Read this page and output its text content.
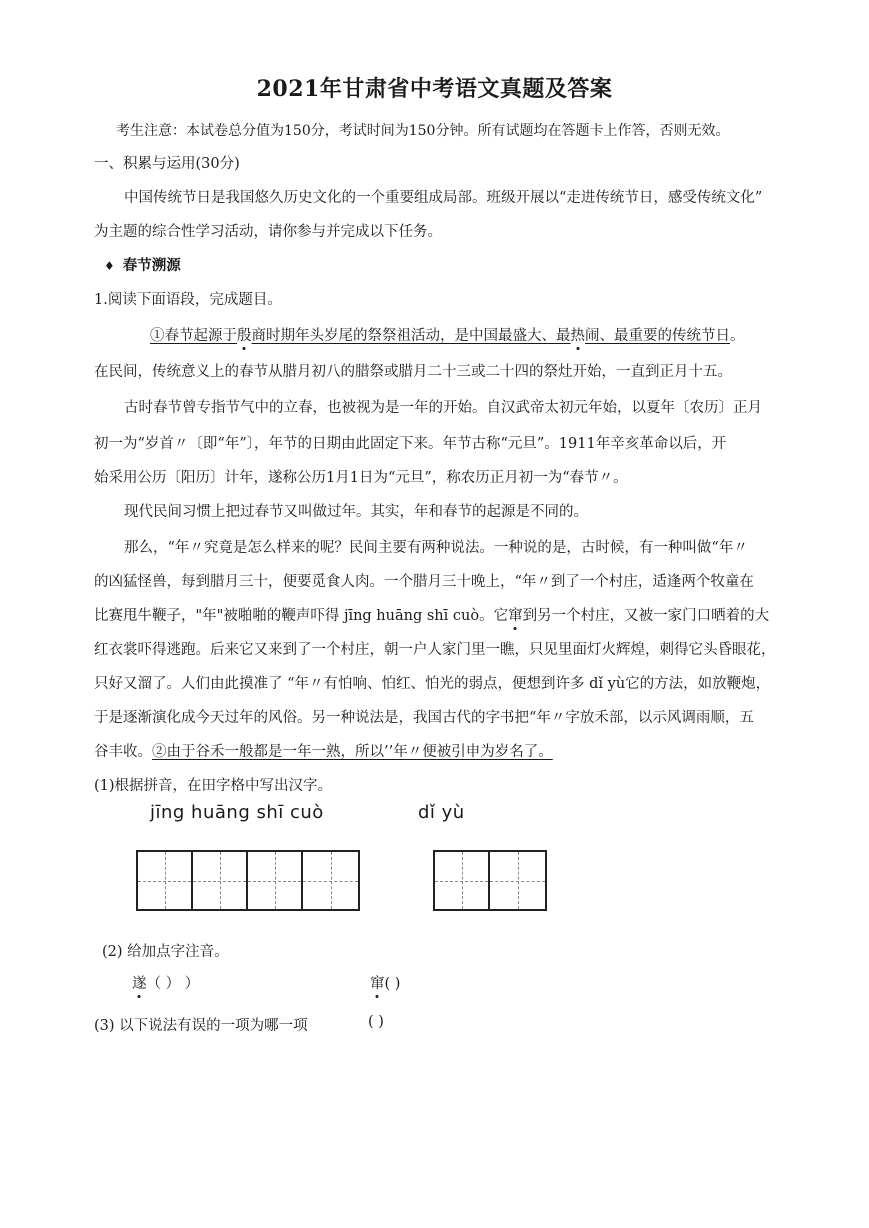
2021年甘肃省中考语文真题及答案
考生注意：本试卷总分值为150分，考试时间为150分钟。所有试题均在答题卡上作答，否则无效。
一、积累与运用(30分)
中国传统节日是我国悠久历史文化的一个重要组成局部。班级开展以“走进传统节日，感受传统文化”
为主题的综合性学习活动，请你参与并完成以下任务。
♦ 春节溯源
1.阅读下面语段，完成题目。
①春节起源于殷商时期年头岁尾的祭祭祖活动，是中国最盛大、最热闹、最重要的传统节日。
在民间，传统意义上的春节从腊月初八的腊祭或腊月二十三或二十四的祭灶开始，一直到正月十五。
古时春节曾专指节气中的立春，也被视为是一年的开始。自汉武帝太初元年始，以夏年〔农历〕正月
初一为“岁首〃〔即“年”〕，年节的日期由此固定下来。年节古称“元旦”。1911年辛亥革命以后，开
始采用公历〔阳历〕计年，遂称公历1月1日为“元旦”，称农历正月初一为“春节〃。
现代民间习惯上把过春节又叫做过年。其实，年和春节的起源是不同的。
那么，“年〃究竟是怎么样来的呢？民间主要有两种说法。一种说的是，古时候，有一种叫做“年〃
的凶猛怪兽，每到腊月三十，便要觅食人肉。一个腊月三十晚上，“年〃到了一个村庄，适逢两个牧童在
比赛甩牛鞭子，"年"被啪啪的鞭声吓得 jīng huāng shī cuò。它窜到另一个村庄，又被一家门口晒着的大
红衣裳吓得逃跑。后来它又来到了一个村庄，朝一户人家门里一瞧，只见里面灯火辉煌，刺得它头昏眼花，
只好又溜了。人们由此摸准了 “年〃有怕响、怕红、怕光的弱点，便想到许多 dǐ yù它的方法，如放鞭炮，
于是逐渐演化成今天过年的风俗。另一种说法是，我国古代的字书把“年〃字放禾部，以示风调雨顺，五
谷丰收。②由于谷禾一般都是一年一熟，所以’’年〃便被引申为岁名了。
(1)根据拼音，在田字格中写出汉字。
jīng huāng shī cuò	dǐ yù
(2) 给加点字注音。
遂（ ） ）	窜( )
(3) 以下说法有误的一项为哪一项	( )
